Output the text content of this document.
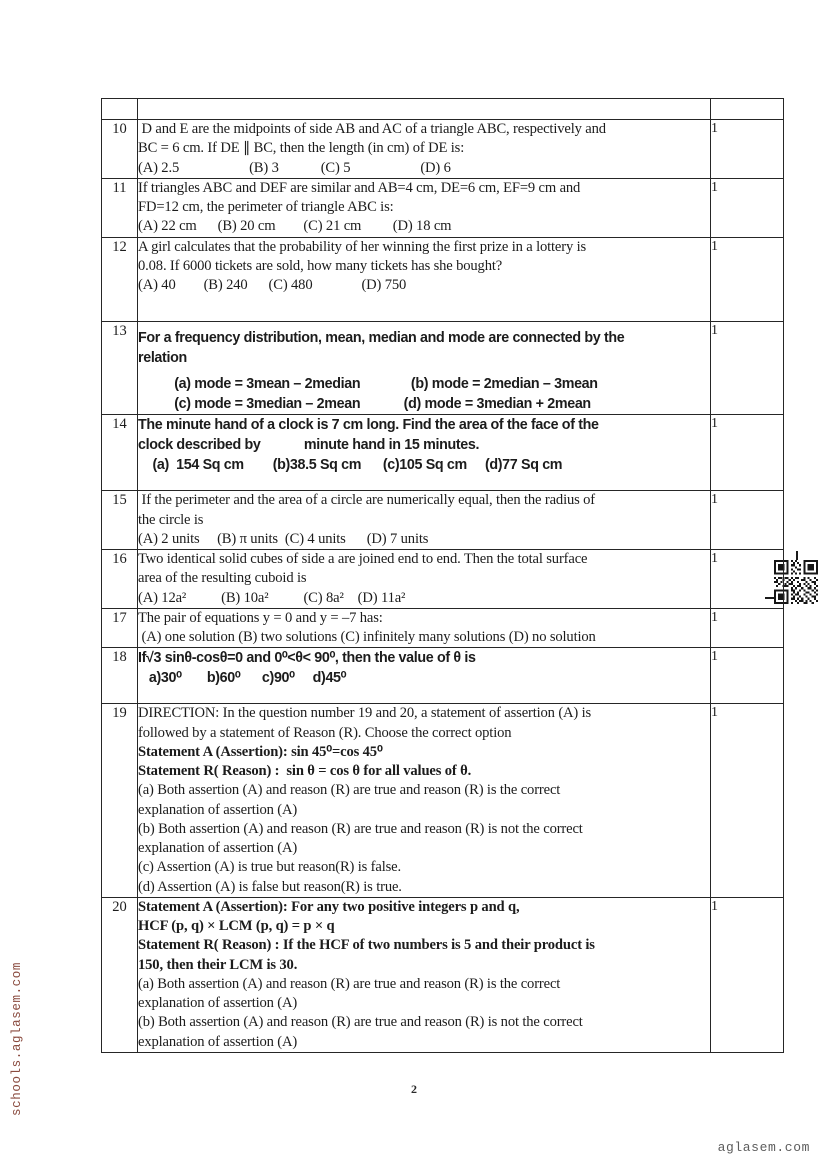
schools.aglasem.com
aglasem.com

10	D and E are the midpoints of side AB and AC of a triangle ABC, respectively and
BC = 6 cm. If DE ∥ BC, then the length (in cm) of DE is:
(A) 2.5                    (B) 3            (C) 5                    (D) 6	1
11	If triangles ABC and DEF are similar and AB=4 cm, DE=6 cm, EF=9 cm and
FD=12 cm, the perimeter of triangle ABC is:
(A) 22 cm      (B) 20 cm        (C) 21 cm         (D) 18 cm	1
12	A girl calculates that the probability of her winning the first prize in a lottery is
0.08. If 6000 tickets are sold, how many tickets has she bought?
(A) 40        (B) 240      (C) 480              (D) 750	1
13	For a frequency distribution, mean, median and mode are connected by the
relation
(a) mode = 3mean – 2median              (b) mode = 2median – 3mean
(c) mode = 3median – 2mean            (d) mode = 3median + 2mean	1
14	The minute hand of a clock is 7 cm long. Find the area of the face of the
clock described by            minute hand in 15 minutes.
(a)  154 Sq cm        (b)38.5 Sq cm      (c)105 Sq cm     (d)77 Sq cm	1
15	If the perimeter and the area of a circle are numerically equal, then the radius of
the circle is
(A) 2 units     (B) π units  (C) 4 units      (D) 7 units	1
16	Two identical solid cubes of side a are joined end to end. Then the total surface
area of the resulting cuboid is
(A) 12a²          (B) 10a²          (C) 8a²    (D) 11a²	1
17	The pair of equations y = 0 and y = –7 has:
(A) one solution (B) two solutions (C) infinitely many solutions (D) no solution	1
18	If√3 sinθ-cosθ=0 and 0⁰<θ< 90⁰, then the value of θ is
a)30⁰       b)60⁰      c)90⁰     d)45⁰	1
19	DIRECTION: In the question number 19 and 20, a statement of assertion (A) is
followed by a statement of Reason (R). Choose the correct option
Statement A (Assertion): sin 45⁰=cos 45⁰
Statement R( Reason) :  sin θ = cos θ for all values of θ.
(a) Both assertion (A) and reason (R) are true and reason (R) is the correct
explanation of assertion (A)
(b) Both assertion (A) and reason (R) are true and reason (R) is not the correct
explanation of assertion (A)
(c) Assertion (A) is true but reason(R) is false.
(d) Assertion (A) is false but reason(R) is true.
	1
20	Statement A (Assertion): For any two positive integers p and q,
HCF (p, q) × LCM (p, q) = p × q
Statement R( Reason) : If the HCF of two numbers is 5 and their product is
150, then their LCM is 30.
(a) Both assertion (A) and reason (R) are true and reason (R) is the correct
explanation of assertion (A)
(b) Both assertion (A) and reason (R) are true and reason (R) is not the correct
explanation of assertion (A)
	1
2
